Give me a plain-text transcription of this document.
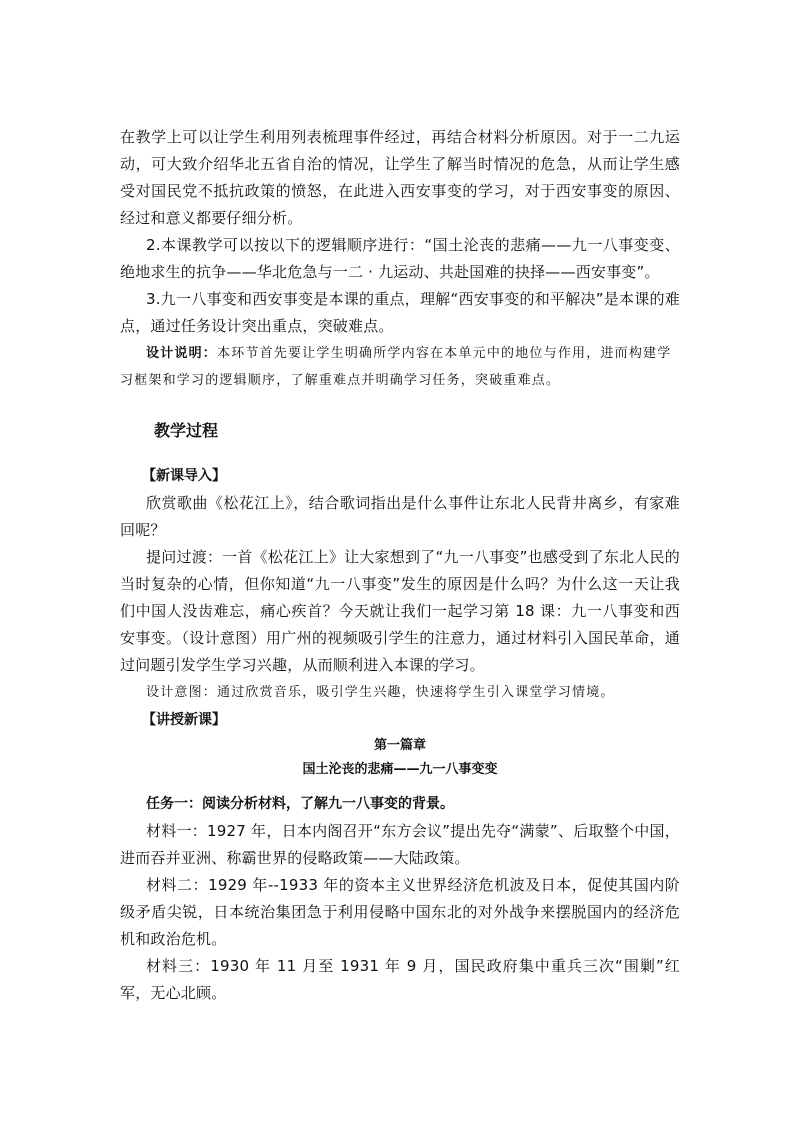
在教学上可以让学生利用列表梳理事件经过，再结合材料分析原因。对于一二九运动，可大致介绍华北五省自治的情况，让学生了解当时情况的危急，从而让学生感受对国民党不抵抗政策的愤怒，在此进入西安事变的学习，对于西安事变的原因、经过和意义都要仔细分析。

2.本课教学可以按以下的逻辑顺序进行：“国土沦丧的悲痛——九一八事变变、绝地求生的抗争——华北危急与一二 · 九运动、共赴国难的抉择——西安事变”。

3.九一八事变和西安事变是本课的重点，理解“西安事变的和平解决”是本课的难点，通过任务设计突出重点，突破难点。

设计说明：本环节首先要让学生明确所学内容在本单元中的地位与作用，进而构建学习框架和学习的逻辑顺序，了解重难点并明确学习任务，突破重难点。

教学过程

【新课导入】

欣赏歌曲《松花江上》，结合歌词指出是什么事件让东北人民背井离乡，有家难回呢？

提问过渡：一首《松花江上》让大家想到了“九一八事变”也感受到了东北人民的当时复杂的心情，但你知道“九一八事变”发生的原因是什么吗？为什么这一天让我们中国人没齿难忘，痛心疾首？今天就让我们一起学习第 18 课：九一八事变和西安事变。（设计意图）用广州的视频吸引学生的注意力，通过材料引入国民革命，通过问题引发学生学习兴趣，从而顺利进入本课的学习。

设计意图：通过欣赏音乐，吸引学生兴趣，快速将学生引入课堂学习情境。

【讲授新课】

第一篇章

国土沦丧的悲痛——九一八事变变

任务一：阅读分析材料，了解九一八事变的背景。

材料一：1927 年，日本内阁召开“东方会议”提出先夺“满蒙”、后取整个中国，进而吞并亚洲、称霸世界的侵略政策——大陆政策。

材料二：1929 年--1933 年的资本主义世界经济危机波及日本，促使其国内阶级矛盾尖锐，日本统治集团急于利用侵略中国东北的对外战争来摆脱国内的经济危机和政治危机。

材料三：1930 年 11 月至 1931 年 9 月，国民政府集中重兵三次“围剿”红军，无心北顾。
